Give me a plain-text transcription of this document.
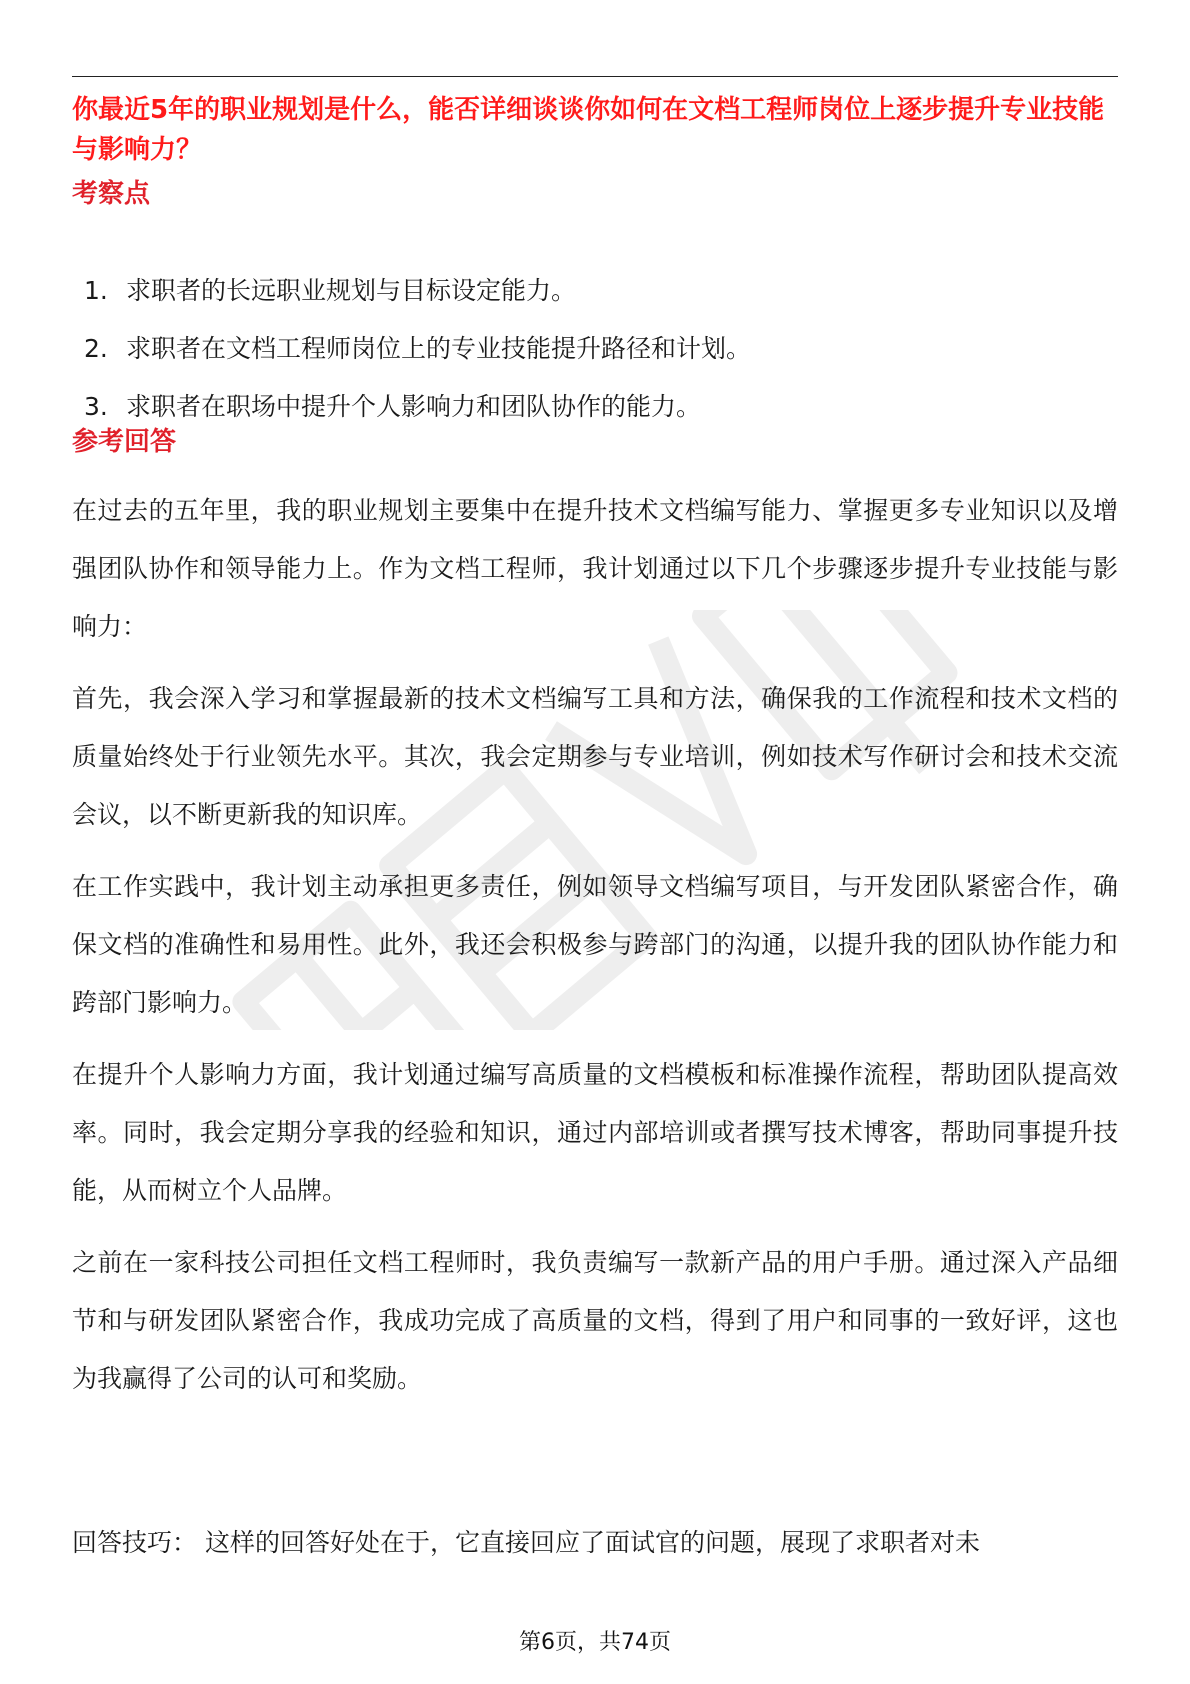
你最近5年的职业规划是什么，能否详细谈谈你如何在文档工程师岗位上逐步提升专业技能与影响力？

考察点

1. 求职者的长远职业规划与目标设定能力。
2. 求职者在文档工程师岗位上的专业技能提升路径和计划。
3. 求职者在职场中提升个人影响力和团队协作的能力。

参考回答

在过去的五年里，我的职业规划主要集中在提升技术文档编写能力、掌握更多专业知识以及增强团队协作和领导能力上。作为文档工程师，我计划通过以下几个步骤逐步提升专业技能与影响力：

首先，我会深入学习和掌握最新的技术文档编写工具和方法，确保我的工作流程和技术文档的质量始终处于行业领先水平。其次，我会定期参与专业培训，例如技术写作研讨会和技术交流会议，以不断更新我的知识库。

在工作实践中，我计划主动承担更多责任，例如领导文档编写项目，与开发团队紧密合作，确保文档的准确性和易用性。此外，我还会积极参与跨部门的沟通，以提升我的团队协作能力和跨部门影响力。

在提升个人影响力方面，我计划通过编写高质量的文档模板和标准操作流程，帮助团队提高效率。同时，我会定期分享我的经验和知识，通过内部培训或者撰写技术博客，帮助同事提升技能，从而树立个人品牌。

之前在一家科技公司担任文档工程师时，我负责编写一款新产品的用户手册。通过深入产品细节和与研发团队紧密合作，我成功完成了高质量的文档，得到了用户和同事的一致好评，这也为我赢得了公司的认可和奖励。

回答技巧： 这样的回答好处在于，它直接回应了面试官的问题，展现了求职者对未

第6页，共74页
